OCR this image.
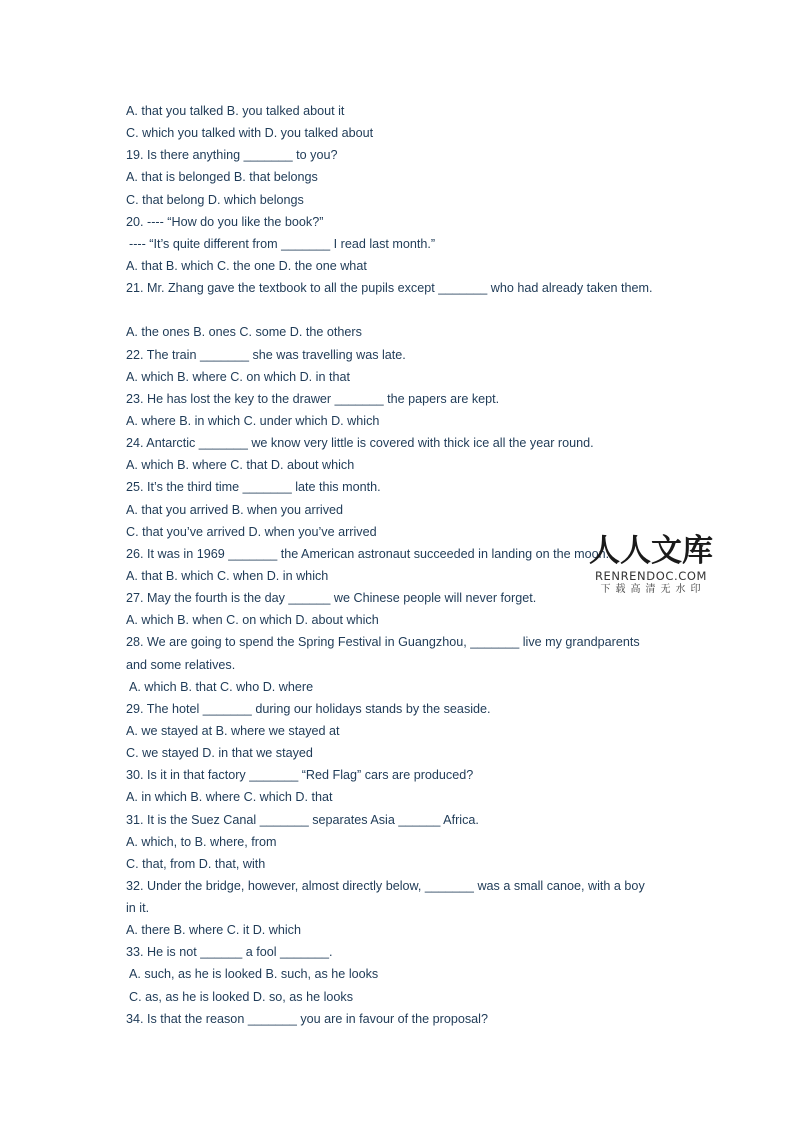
A. that you talked B. you talked about it
C. which you talked with D. you talked about
19. Is there anything _______ to you?
A. that is belonged B. that belongs
C. that belong D. which belongs
20. ---- “How do you like the book?”
---- “It’s quite different from _______ I read last month.”
A. that B. which C. the one D. the one what
21. Mr. Zhang gave the textbook to all the pupils except _______ who had already taken them.
A. the ones B. ones C. some D. the others
22. The train _______ she was travelling was late.
A. which B. where C. on which D. in that
23. He has lost the key to the drawer _______ the papers are kept.
A. where B. in which C. under which D. which
24. Antarctic _______ we know very little is covered with thick ice all the year round.
A. which B. where C. that D. about which
25. It’s the third time _______ late this month.
A. that you arrived B. when you arrived
C. that you’ve arrived D. when you’ve arrived
26. It was in 1969 _______ the American astronaut succeeded in landing on the moon.
A. that B. which C. when D. in which
27. May the fourth is the day ______ we Chinese people will never forget.
A. which B. when C. on which D. about which
28. We are going to spend the Spring Festival in Guangzhou, _______ live my grandparents
and some relatives.
A. which B. that C. who D. where
29. The hotel _______ during our holidays stands by the seaside.
A. we stayed at B. where we stayed at
C. we stayed D. in that we stayed
30. Is it in that factory _______ “Red Flag” cars are produced?
A. in which B. where C. which D. that
31. It is the Suez Canal _______ separates Asia ______ Africa.
A. which, to B. where, from
C. that, from D. that, with
32. Under the bridge, however, almost directly below, _______ was a small canoe, with a boy
in it.
A. there B. where C. it D. which
33. He is not ______ a fool _______.
A. such, as he is looked B. such, as he looks
C. as, as he is looked D. so, as he looks
34. Is that the reason _______ you are in favour of the proposal?
人人文库
RENRENDOC.COM
下载高清无水印
